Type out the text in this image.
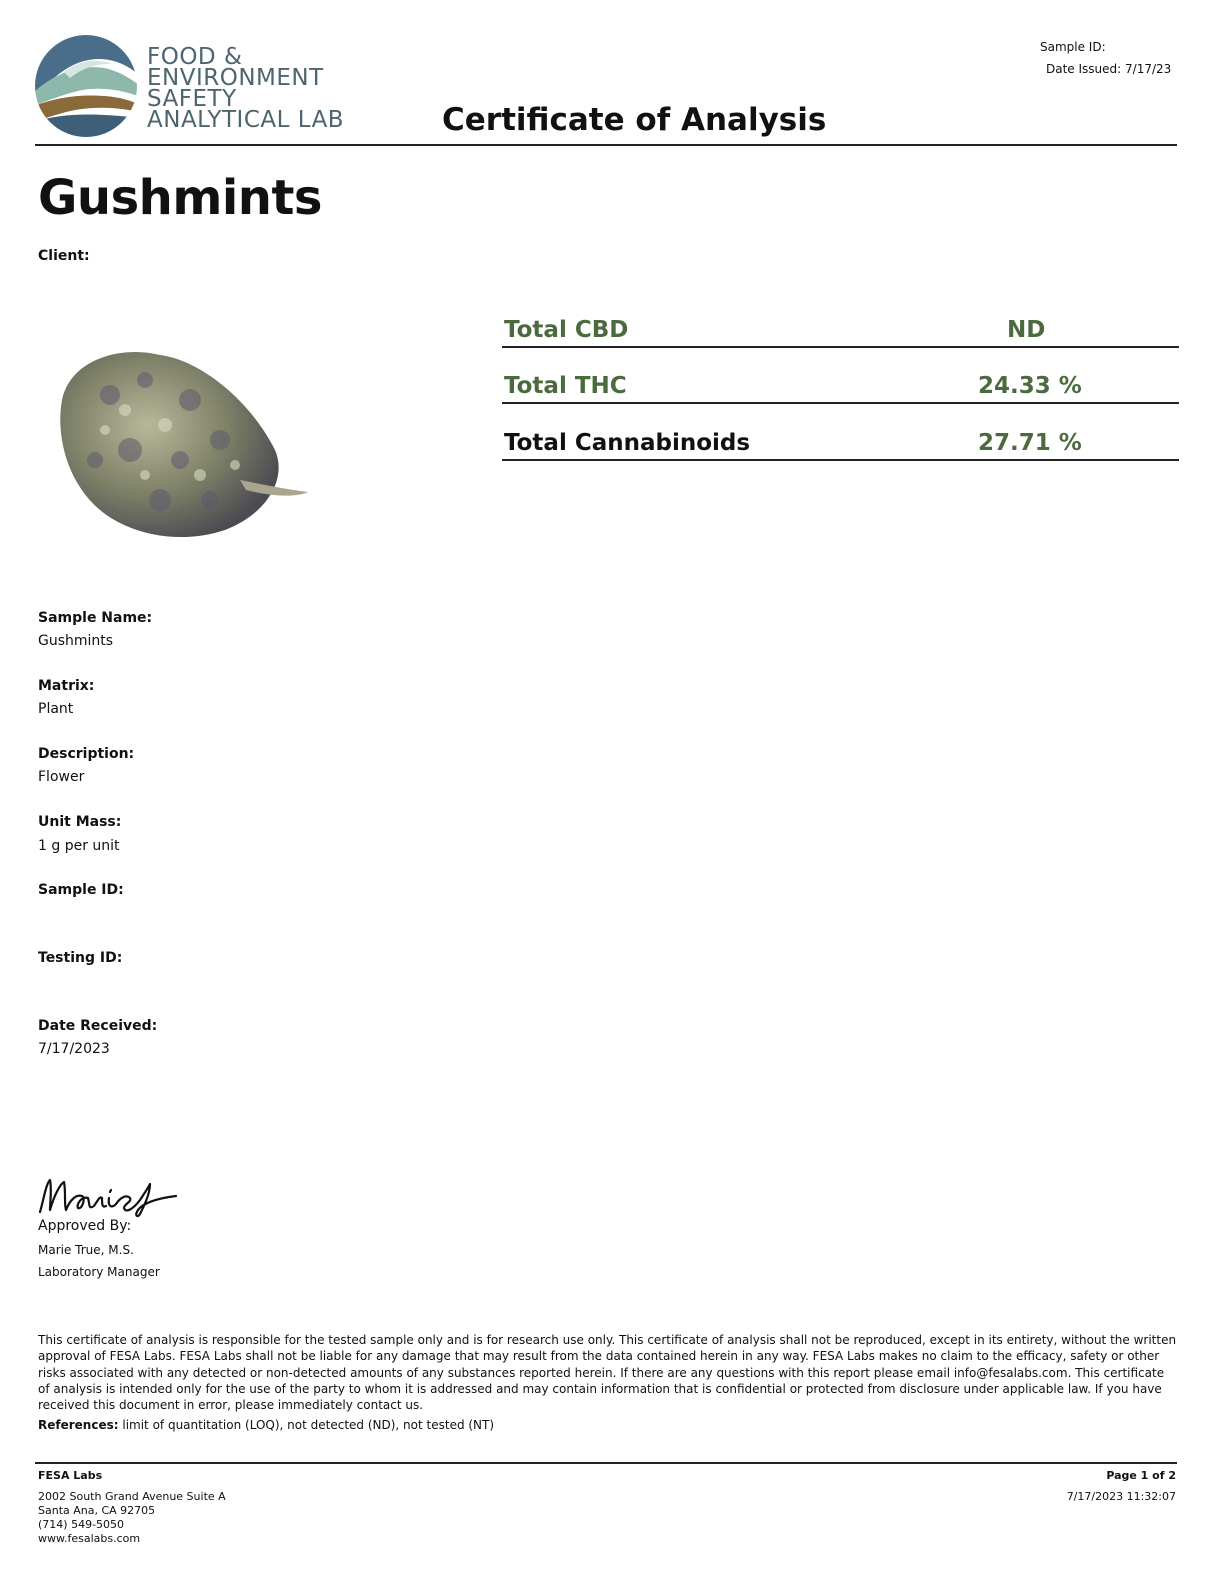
FOOD &
ENVIRONMENT
SAFETY
ANALYTICAL LAB	Certificate of Analysis
Sample ID:
Date Issued: 7/17/23
Gushmints
Client:
Total CBD	ND
Total THC	24.33 %
Total Cannabinoids	27.71 %
Sample Name:
Gushmints
Matrix:
Plant
Description:
Flower
Unit Mass:
1 g per unit
Sample ID:
Testing ID:
Date Received:
7/17/2023
Approved By:
Marie True, M.S.
Laboratory Manager

This certificate of analysis is responsible for the tested sample only and is for research use only. This certificate of analysis shall not be reproduced, except in its entirety, without the written approval of FESA Labs. FESA Labs shall not be liable for any damage that may result from the data contained herein in any way. FESA Labs makes no claim to the efficacy, safety or other risks associated with any detected or non-detected amounts of any substances reported herein. If there are any questions with this report please email info@fesalabs.com. This certificate of analysis is intended only for the use of the party to whom it is addressed and may contain information that is confidential or protected from disclosure under applicable law. If you have received this document in error, please immediately contact us.

References: limit of quantitation (LOQ), not detected (ND), not tested (NT)
FESA Labs
2002 South Grand Avenue Suite A
Santa Ana, CA 92705
(714) 549-5050
www.fesalabs.com
Page 1 of 2
7/17/2023 11:32:07
